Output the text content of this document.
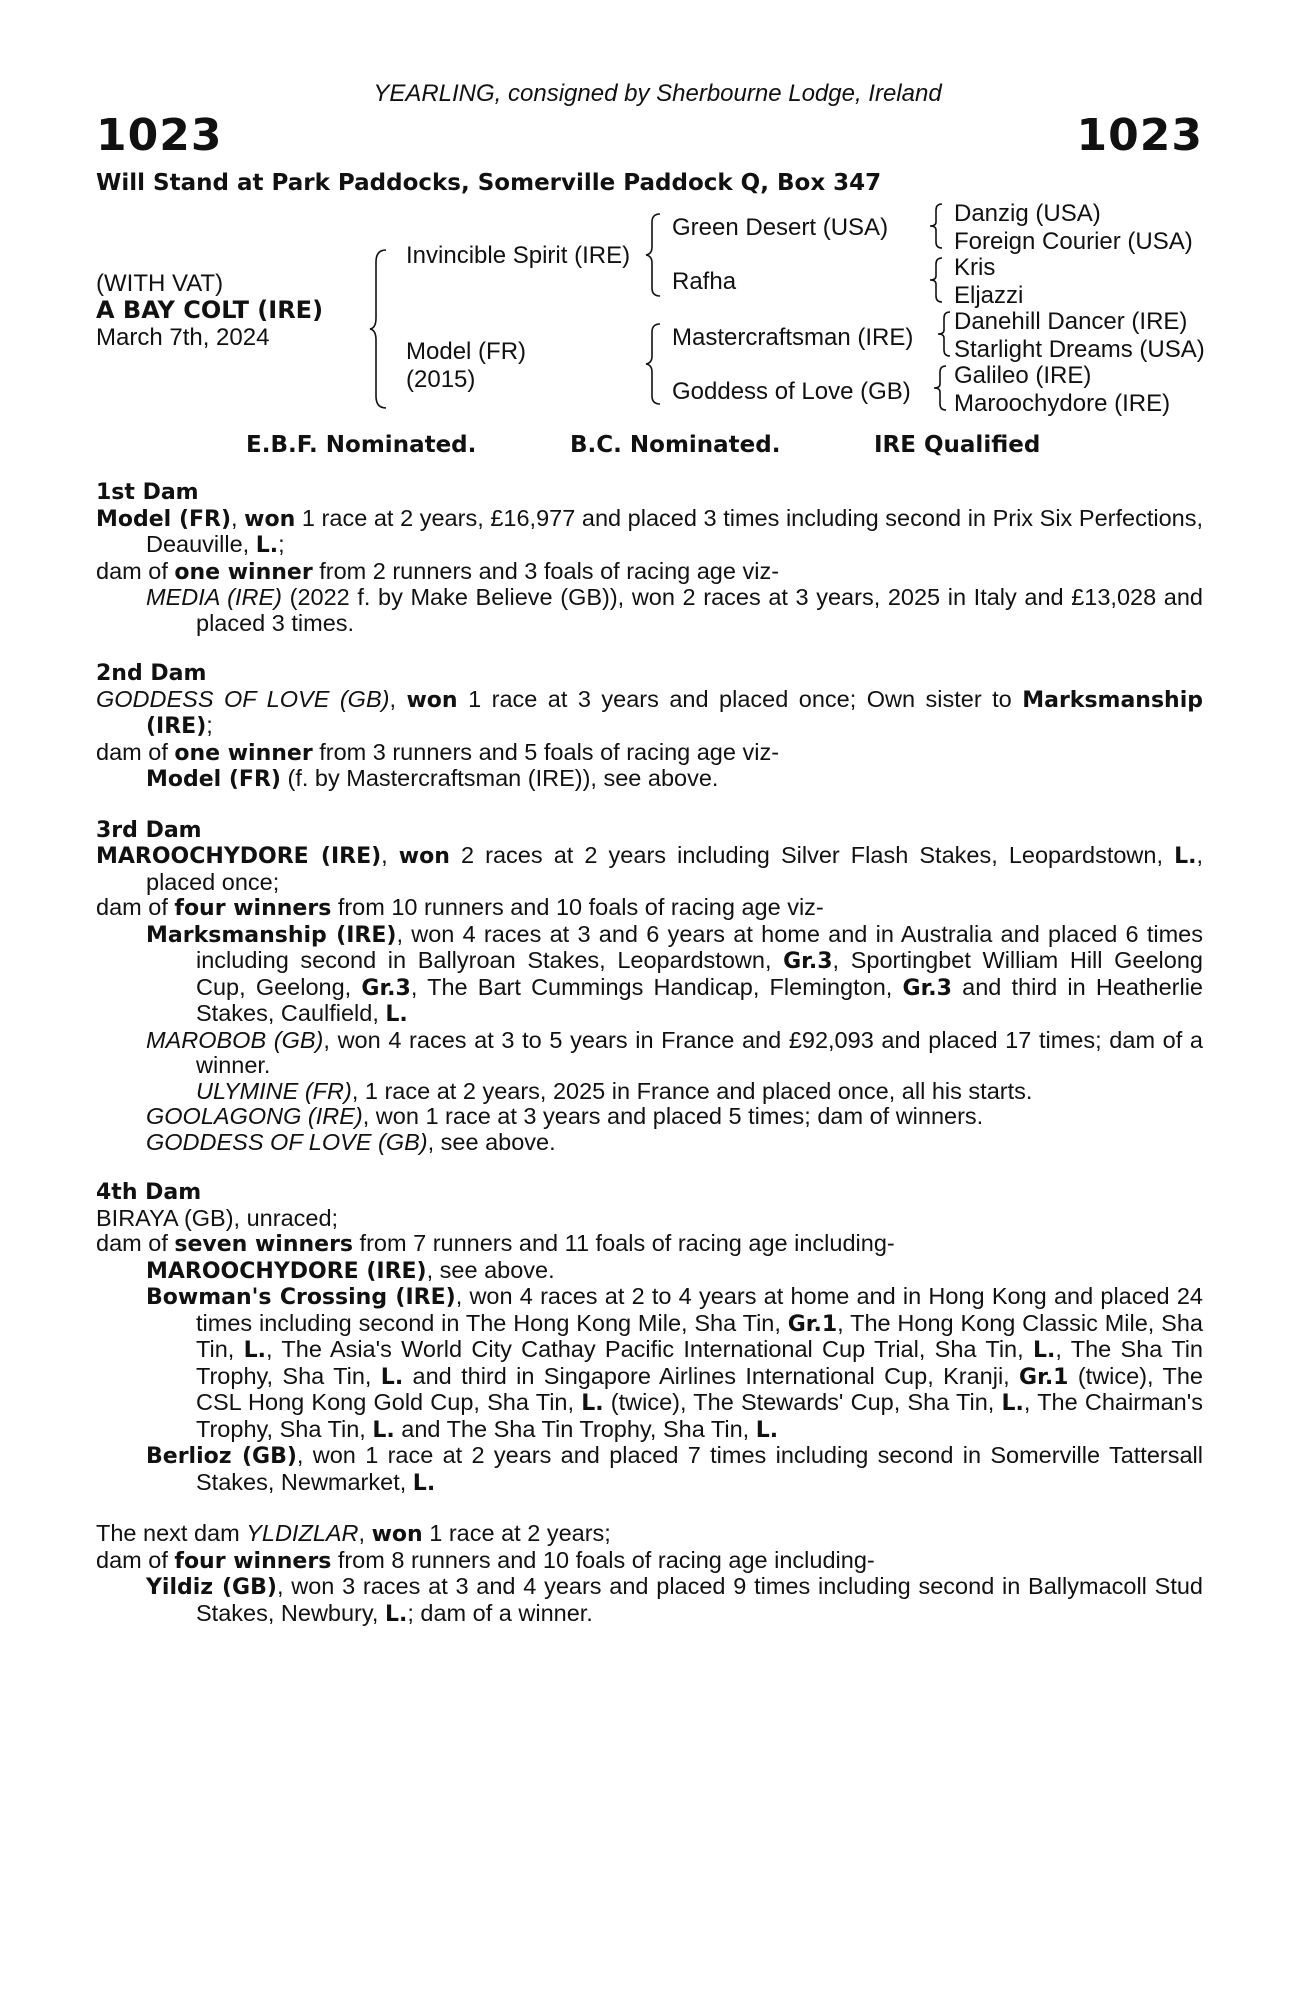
YEARLING, consigned by Sherbourne Lodge, Ireland
1023	1023
Will Stand at Park Paddocks, Somerville Paddock Q, Box 347
(WITH VAT)
A BAY COLT (IRE)
March 7th, 2024
Invincible Spirit (IRE)
Model (FR)
(2015)
Green Desert (USA)
Rafha
Mastercraftsman (IRE)
Goddess of Love (GB)
Danzig (USA)
Foreign Courier (USA)
Kris
Eljazzi
Danehill Dancer (IRE)
Starlight Dreams (USA)
Galileo (IRE)
Maroochydore (IRE)
E.B.F. Nominated.	B.C. Nominated.	IRE Qualified

1st Dam

Model (FR), won 1 race at 2 years, £16,977 and placed 3 times including second in Prix Six Perfections, Deauville, L.;

dam of one winner from 2 runners and 3 foals of racing age viz-

MEDIA (IRE) (2022 f. by Make Believe (GB)), won 2 races at 3 years, 2025 in Italy and £13,028 and placed 3 times.

2nd Dam

GODDESS OF LOVE (GB), won 1 race at 3 years and placed once; Own sister to Marksmanship (IRE);

dam of one winner from 3 runners and 5 foals of racing age viz-

Model (FR) (f. by Mastercraftsman (IRE)), see above.

3rd Dam

MAROOCHYDORE (IRE), won 2 races at 2 years including Silver Flash Stakes, Leopardstown, L., placed once;

dam of four winners from 10 runners and 10 foals of racing age viz-

Marksmanship (IRE), won 4 races at 3 and 6 years at home and in Australia and placed 6 times including second in Ballyroan Stakes, Leopardstown, Gr.3, Sportingbet William Hill Geelong Cup, Geelong, Gr.3, The Bart Cummings Handicap, Flemington, Gr.3 and third in Heatherlie Stakes, Caulfield, L.

MAROBOB (GB), won 4 races at 3 to 5 years in France and £92,093 and placed 17 times; dam of a winner.

ULYMINE (FR), 1 race at 2 years, 2025 in France and placed once, all his starts.

GOOLAGONG (IRE), won 1 race at 3 years and placed 5 times; dam of winners.

GODDESS OF LOVE (GB), see above.

4th Dam

BIRAYA (GB), unraced;

dam of seven winners from 7 runners and 11 foals of racing age including-

MAROOCHYDORE (IRE), see above.

Bowman's Crossing (IRE), won 4 races at 2 to 4 years at home and in Hong Kong and placed 24 times including second in The Hong Kong Mile, Sha Tin, Gr.1, The Hong Kong Classic Mile, Sha Tin, L., The Asia's World City Cathay Pacific International Cup Trial, Sha Tin, L., The Sha Tin Trophy, Sha Tin, L. and third in Singapore Airlines International Cup, Kranji, Gr.1 (twice), The CSL Hong Kong Gold Cup, Sha Tin, L. (twice), The Stewards' Cup, Sha Tin, L., The Chairman's Trophy, Sha Tin, L. and The Sha Tin Trophy, Sha Tin, L.

Berlioz (GB), won 1 race at 2 years and placed 7 times including second in Somerville Tattersall Stakes, Newmarket, L.

The next dam YLDIZLAR, won 1 race at 2 years;

dam of four winners from 8 runners and 10 foals of racing age including-

Yildiz (GB), won 3 races at 3 and 4 years and placed 9 times including second in Ballymacoll Stud Stakes, Newbury, L.; dam of a winner.
